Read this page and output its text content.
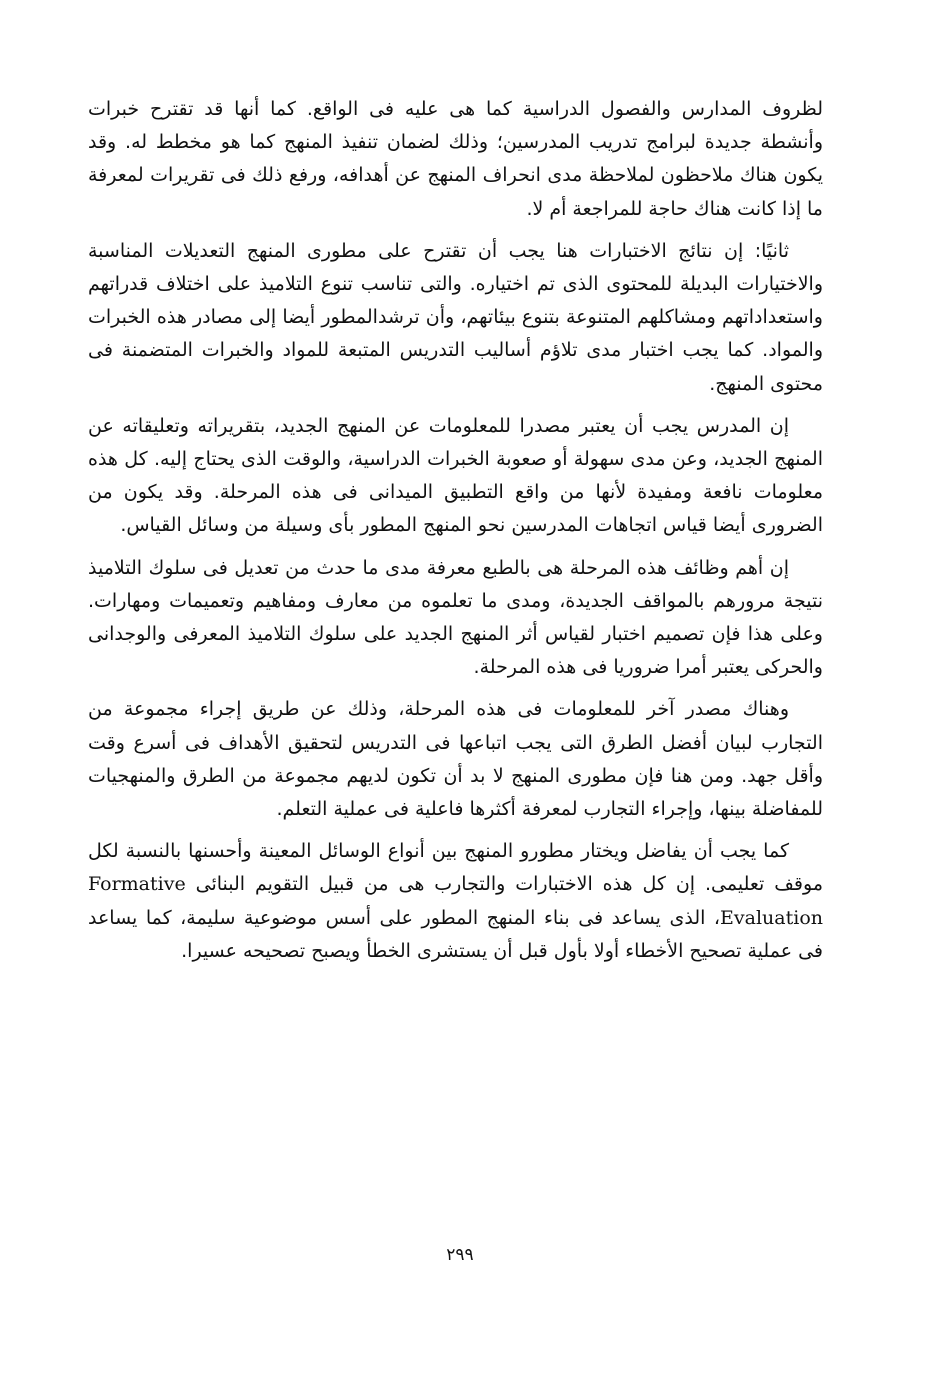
لظروف المدارس والفصول الدراسية كما هى عليه فى الواقع. كما أنها قد تقترح خبرات وأنشطة جديدة لبرامج تدريب المدرسين؛ وذلك لضمان تنفيذ المنهج كما هو مخطط له. وقد يكون هناك ملاحظون لملاحظة مدى انحراف المنهج عن أهدافه، ورفع ذلك فى تقريرات لمعرفة ما إذا كانت هناك حاجة للمراجعة أم لا.

ثانيًا: إن نتائج الاختبارات هنا يجب أن تقترح على مطورى المنهج التعديلات المناسبة والاختيارات البديلة للمحتوى الذى تم اختياره. والتى تناسب تنوع التلاميذ على اختلاف قدراتهم واستعداداتهم ومشاكلهم المتنوعة بتنوع بيئاتهم، وأن ترشدالمطور أيضا إلى مصادر هذه الخبرات والمواد. كما يجب اختبار مدى تلاؤم أساليب التدريس المتبعة للمواد والخبرات المتضمنة فى محتوى المنهج.

إن المدرس يجب أن يعتبر مصدرا للمعلومات عن المنهج الجديد، بتقريراته وتعليقاته عن المنهج الجديد، وعن مدى سهولة أو صعوبة الخبرات الدراسية، والوقت الذى يحتاج إليه. كل هذه معلومات نافعة ومفيدة لأنها من واقع التطبيق الميدانى فى هذه المرحلة. وقد يكون من الضرورى أيضا قياس اتجاهات المدرسين نحو المنهج المطور بأى وسيلة من وسائل القياس.

إن أهم وظائف هذه المرحلة هى بالطبع معرفة مدى ما حدث من تعديل فى سلوك التلاميذ نتيجة مرورهم بالمواقف الجديدة، ومدى ما تعلموه من معارف ومفاهيم وتعميمات ومهارات. وعلى هذا فإن تصميم اختبار لقياس أثر المنهج الجديد على سلوك التلاميذ المعرفى والوجدانى والحركى يعتبر أمرا ضروريا فى هذه المرحلة.

وهناك مصدر آخر للمعلومات فى هذه المرحلة، وذلك عن طريق إجراء مجموعة من التجارب لبيان أفضل الطرق التى يجب اتباعها فى التدريس لتحقيق الأهداف فى أسرع وقت وأقل جهد. ومن هنا فإن مطورى المنهج لا بد أن تكون لديهم مجموعة من الطرق والمنهجيات للمفاضلة بينها، وإجراء التجارب لمعرفة أكثرها فاعلية فى عملية التعلم.

كما يجب أن يفاضل ويختار مطورو المنهج بين أنواع الوسائل المعينة وأحسنها بالنسبة لكل موقف تعليمى. إن كل هذه الاختبارات والتجارب هى من قبيل التقويم البنائى Formative Evaluation، الذى يساعد فى بناء المنهج المطور على أسس موضوعية سليمة، كما يساعد فى عملية تصحيح الأخطاء أولا بأول قبل أن يستشرى الخطأ ويصبح تصحيحه عسيرا.

٢٩٩
